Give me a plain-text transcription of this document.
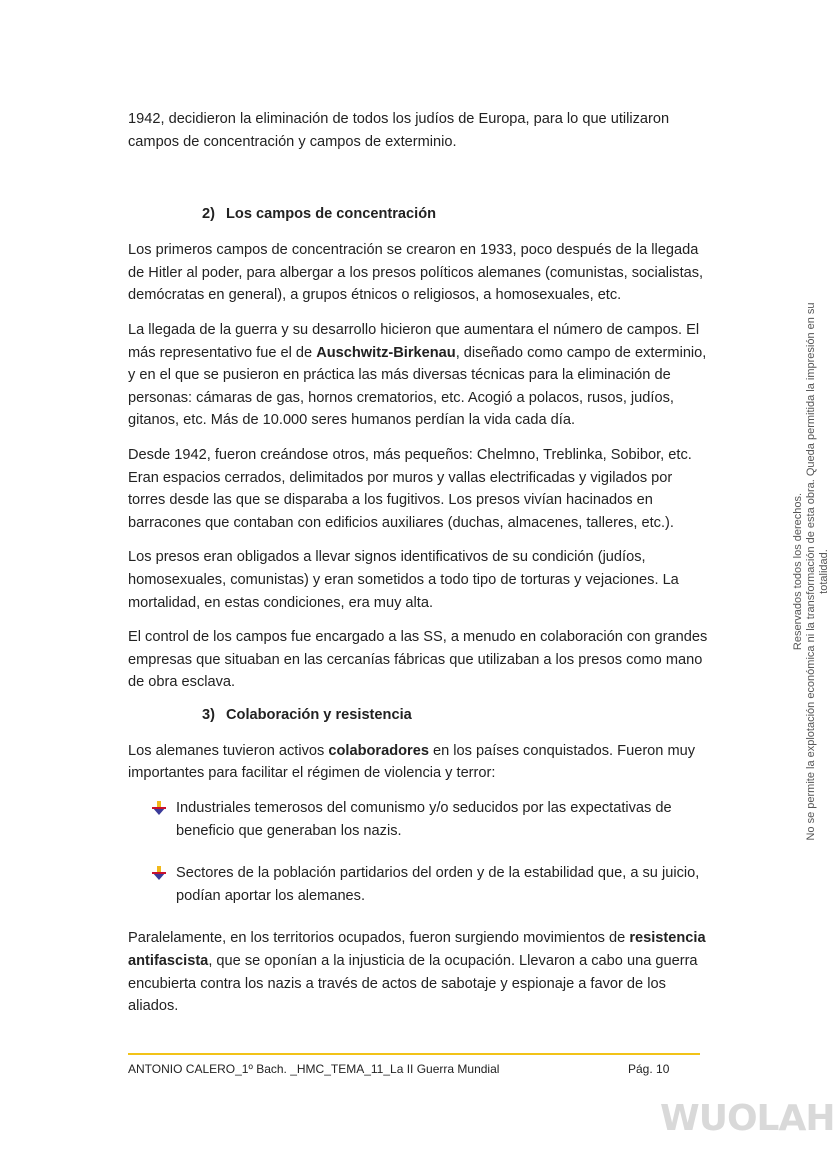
1942, decidieron la eliminación de todos los judíos de Europa, para lo que utilizaron campos de concentración y campos de exterminio.

2) Los campos de concentración

Los primeros campos de concentración se crearon en 1933, poco después de la llegada de Hitler al poder, para albergar a los presos políticos alemanes (comunistas, socialistas, demócratas en general), a grupos étnicos o religiosos, a homosexuales, etc.

La llegada de la guerra y su desarrollo hicieron que aumentara el número de campos. El más representativo fue el de Auschwitz-Birkenau, diseñado como campo de exterminio, y en el que se pusieron en práctica las más diversas técnicas para la eliminación de personas: cámaras de gas, hornos crematorios, etc. Acogió a polacos, rusos, judíos, gitanos, etc. Más de 10.000 seres humanos perdían la vida cada día.

Desde 1942, fueron creándose otros, más pequeños: Chelmno, Treblinka, Sobibor, etc. Eran espacios cerrados, delimitados por muros y vallas electrificadas y vigilados por torres desde las que se disparaba a los fugitivos. Los presos vivían hacinados en barracones que contaban con edificios auxiliares (duchas, almacenes, talleres, etc.).

Los presos eran obligados a llevar signos identificativos de su condición (judíos, homosexuales, comunistas) y eran sometidos a todo tipo de torturas y vejaciones. La mortalidad, en estas condiciones, era muy alta.

El control de los campos fue encargado a las SS, a menudo en colaboración con grandes empresas que situaban en las cercanías fábricas que utilizaban a los presos como mano de obra esclava.

3) Colaboración y resistencia

Los alemanes tuvieron activos colaboradores en los países conquistados. Fueron muy importantes para facilitar el régimen de violencia y terror:

Industriales temerosos del comunismo y/o seducidos por las expectativas de beneficio que generaban los nazis.
Sectores de la población partidarios del orden y de la estabilidad que, a su juicio, podían aportar los alemanes.

Paralelamente, en los territorios ocupados, fueron surgiendo movimientos de resistencia antifascista, que se oponían a la injusticia de la ocupación. Llevaron a cabo una guerra encubierta contra los nazis a través de actos de sabotaje y espionaje a favor de los aliados.

Reservados todos los derechos. No se permite la explotación económica ni la transformación de esta obra. Queda permitida la impresión en su totalidad.
ANTONIO CALERO_1º Bach. _HMC_TEMA_11_La II Guerra Mundial	Pág. 10
WUOLAH
